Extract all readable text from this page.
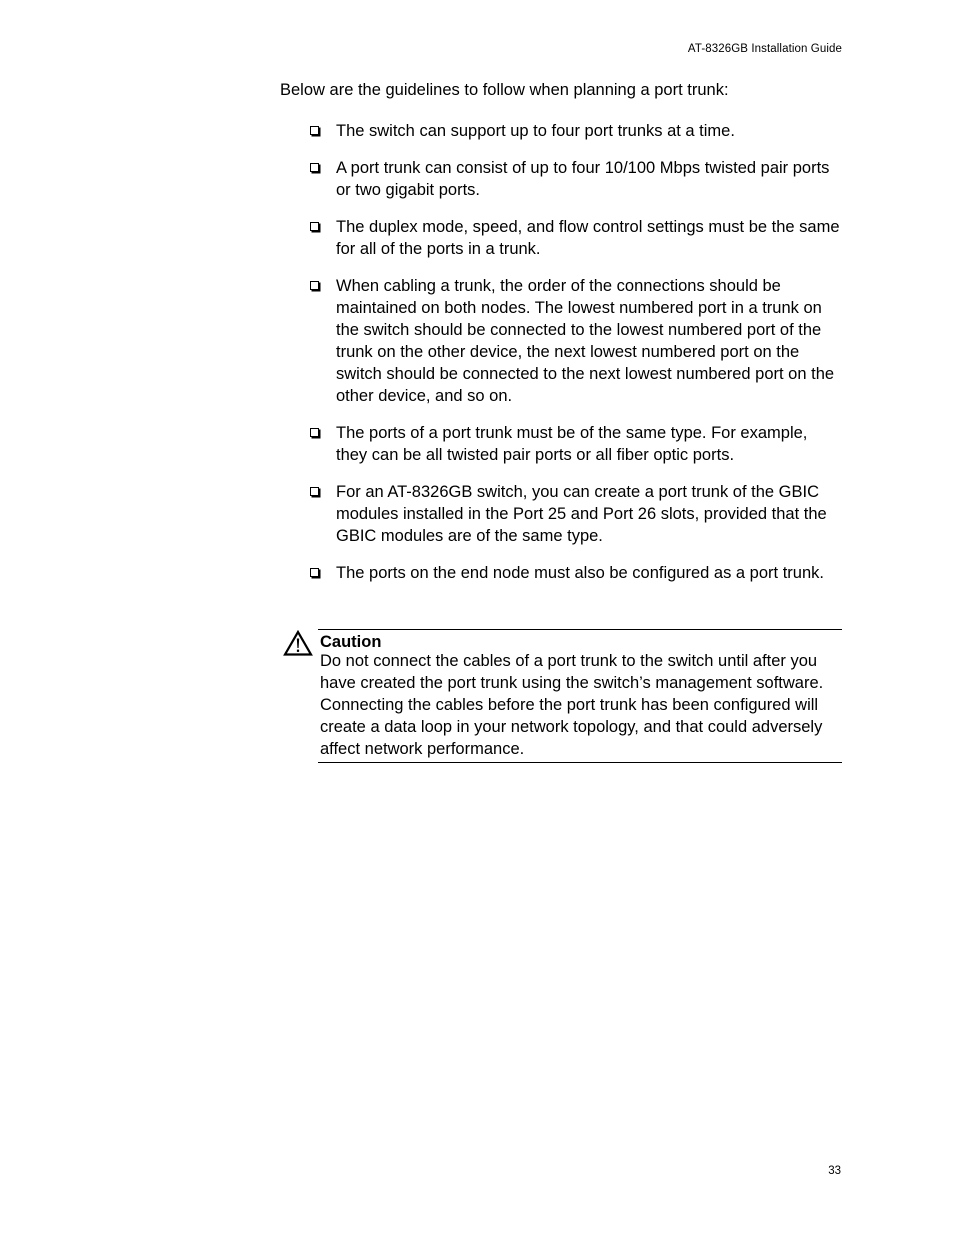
AT-8326GB Installation Guide

Below are the guidelines to follow when planning a port trunk:

The switch can support up to four port trunks at a time.
A port trunk can consist of up to four 10/100 Mbps twisted pair ports or two gigabit ports.
The duplex mode, speed, and flow control settings must be the same for all of the ports in a trunk.
When cabling a trunk, the order of the connections should be maintained on both nodes. The lowest numbered port in a trunk on the switch should be connected to the lowest numbered port of the trunk on the other device, the next lowest numbered port on the switch should be connected to the next lowest numbered port on the other device, and so on.
The ports of a port trunk must be of the same type. For example, they can be all twisted pair ports or all fiber optic ports.
For an AT-8326GB switch, you can create a port trunk of the GBIC modules installed in the Port 25 and Port 26 slots, provided that the GBIC modules are of the same type.
The ports on the end node must also be configured as a port trunk.
Caution

Do not connect the cables of a port trunk to the switch until after you have created the port trunk using the switch’s management software. Connecting the cables before the port trunk has been configured will create a data loop in your network topology, and that could adversely affect network performance.

33
